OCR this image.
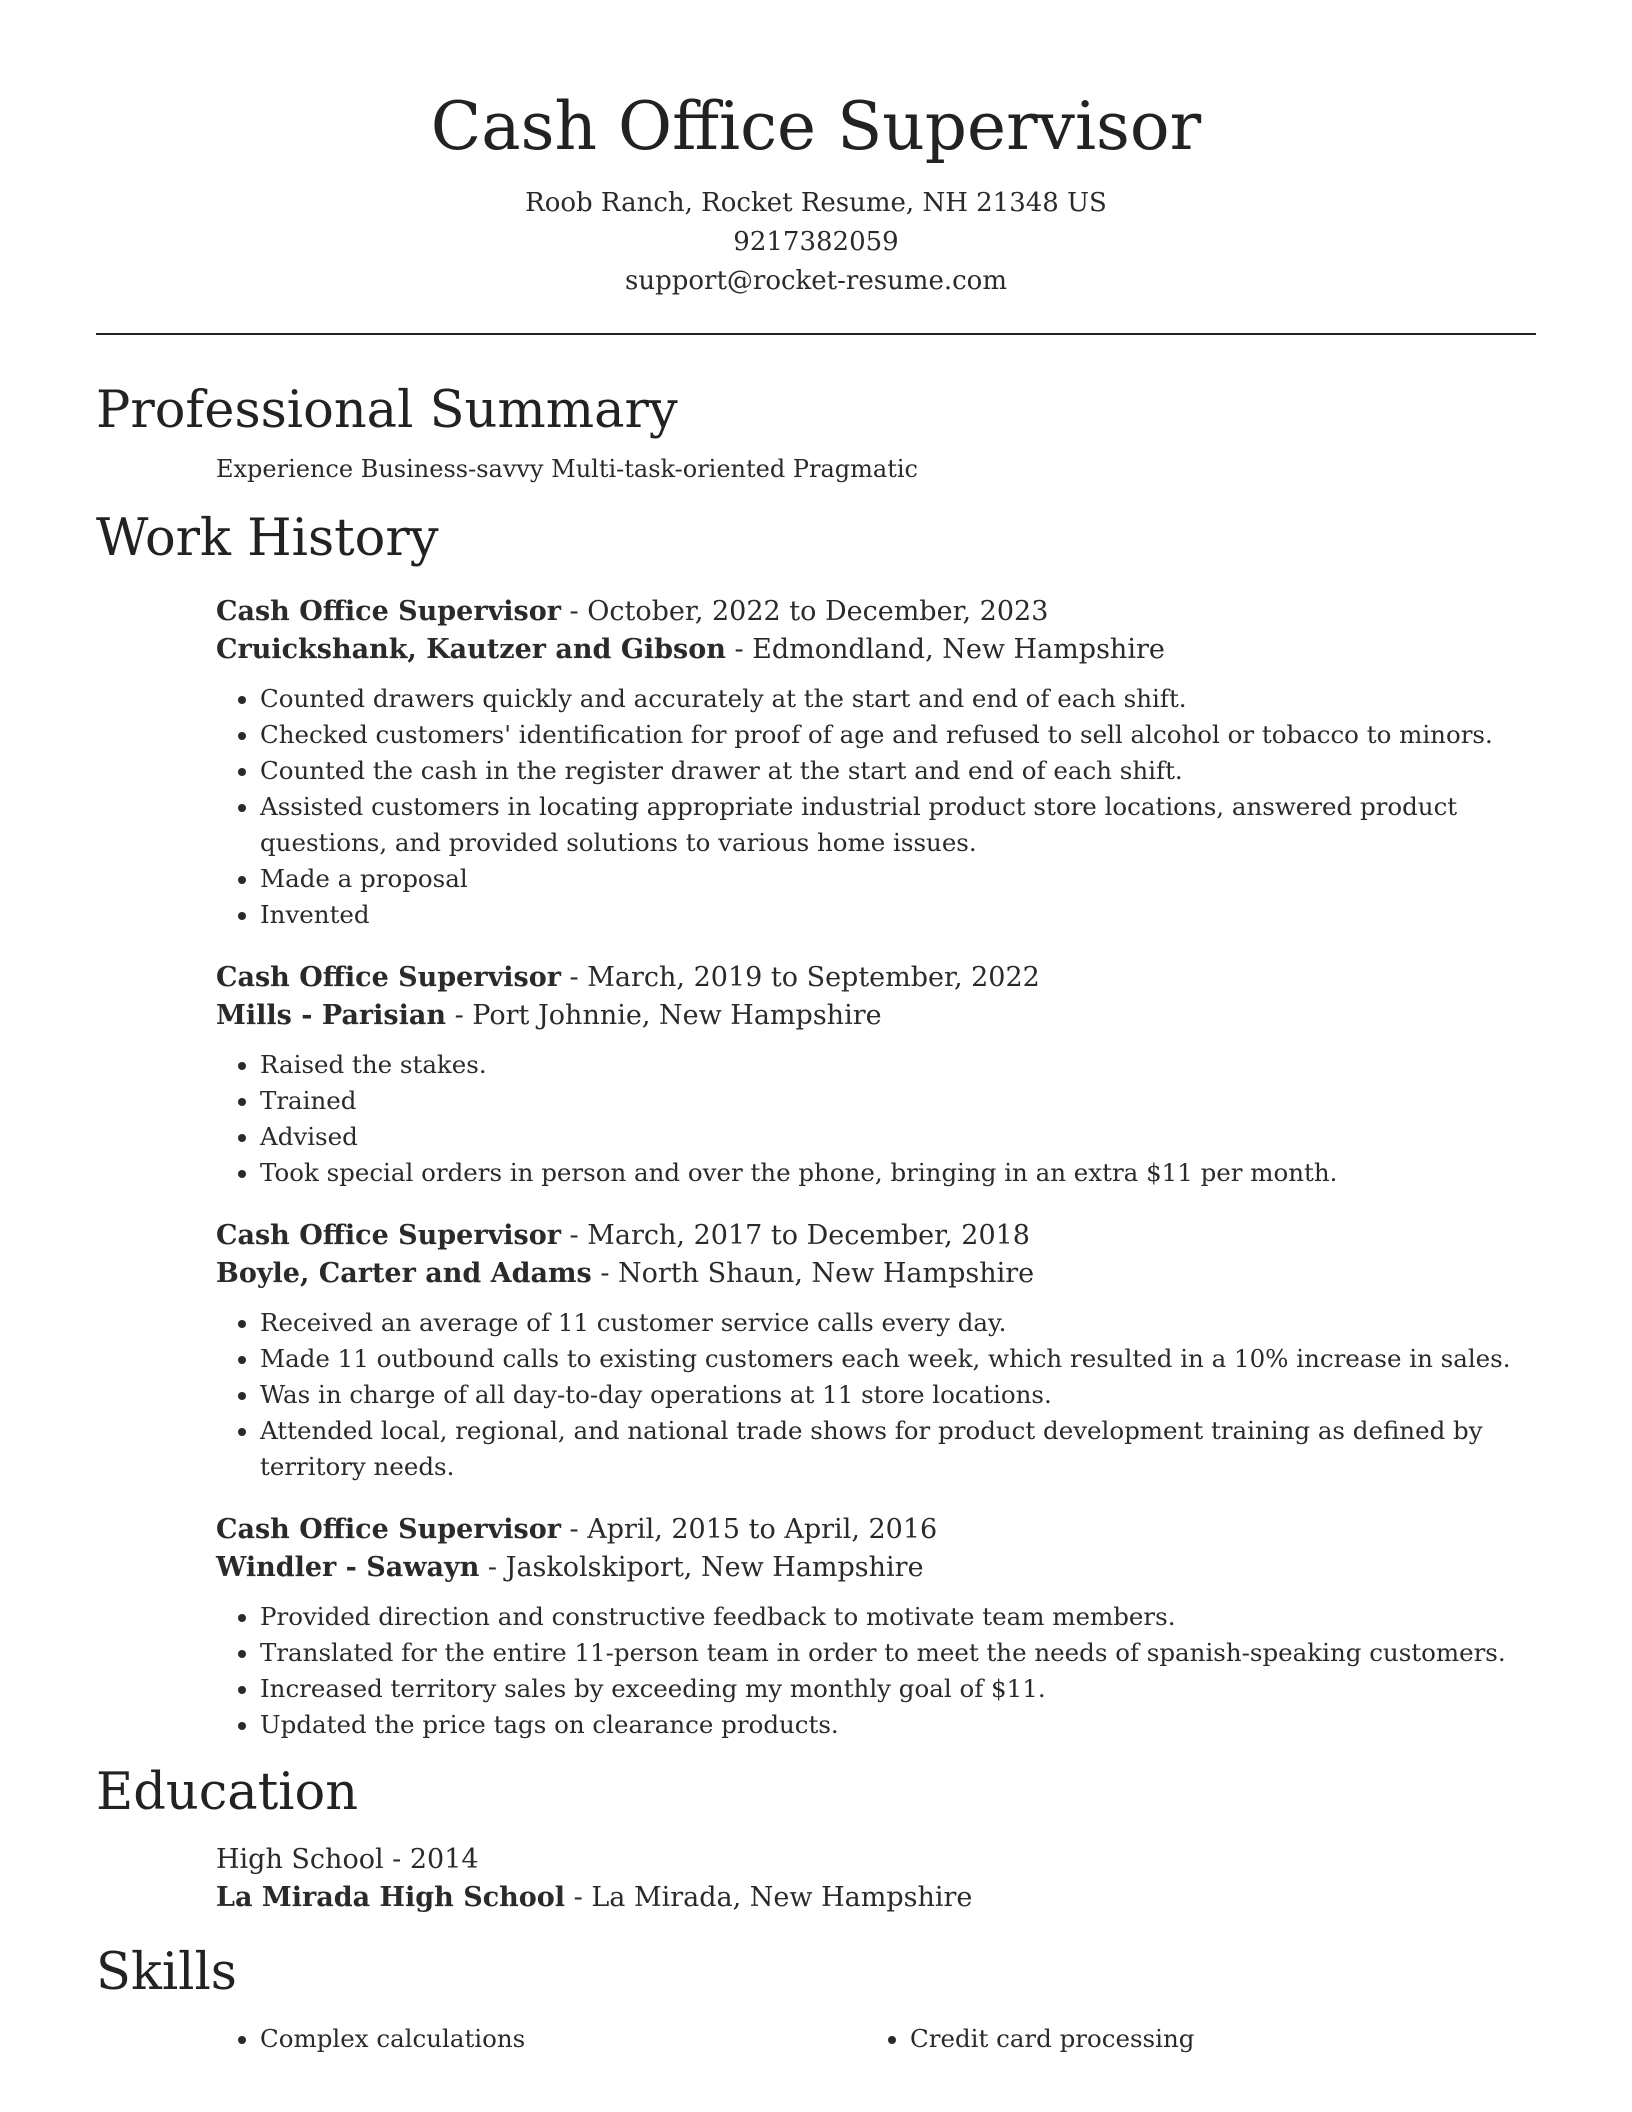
Cash Office Supervisor
Roob Ranch, Rocket Resume, NH 21348 US
9217382059
support@rocket-resume.com
Professional Summary
Experience Business-savvy Multi-task-oriented Pragmatic
Work History
Cash Office Supervisor - October, 2022 to December, 2023
Cruickshank, Kautzer and Gibson - Edmondland, New Hampshire
• Counted drawers quickly and accurately at the start and end of each shift.
• Checked customers' identification for proof of age and refused to sell alcohol or tobacco to minors.
• Counted the cash in the register drawer at the start and end of each shift.
• Assisted customers in locating appropriate industrial product store locations, answered product questions, and provided solutions to various home issues.
• Made a proposal
• Invented
Cash Office Supervisor - March, 2019 to September, 2022
Mills - Parisian - Port Johnnie, New Hampshire
• Raised the stakes.
• Trained
• Advised
• Took special orders in person and over the phone, bringing in an extra $11 per month.
Cash Office Supervisor - March, 2017 to December, 2018
Boyle, Carter and Adams - North Shaun, New Hampshire
• Received an average of 11 customer service calls every day.
• Made 11 outbound calls to existing customers each week, which resulted in a 10% increase in sales.
• Was in charge of all day-to-day operations at 11 store locations.
• Attended local, regional, and national trade shows for product development training as defined by territory needs.
Cash Office Supervisor - April, 2015 to April, 2016
Windler - Sawayn - Jaskolskiport, New Hampshire
• Provided direction and constructive feedback to motivate team members.
• Translated for the entire 11-person team in order to meet the needs of spanish-speaking customers.
• Increased territory sales by exceeding my monthly goal of $11.
• Updated the price tags on clearance products.
Education
High School - 2014
La Mirada High School - La Mirada, New Hampshire
Skills
• Complex calculations
•	Credit card processing
